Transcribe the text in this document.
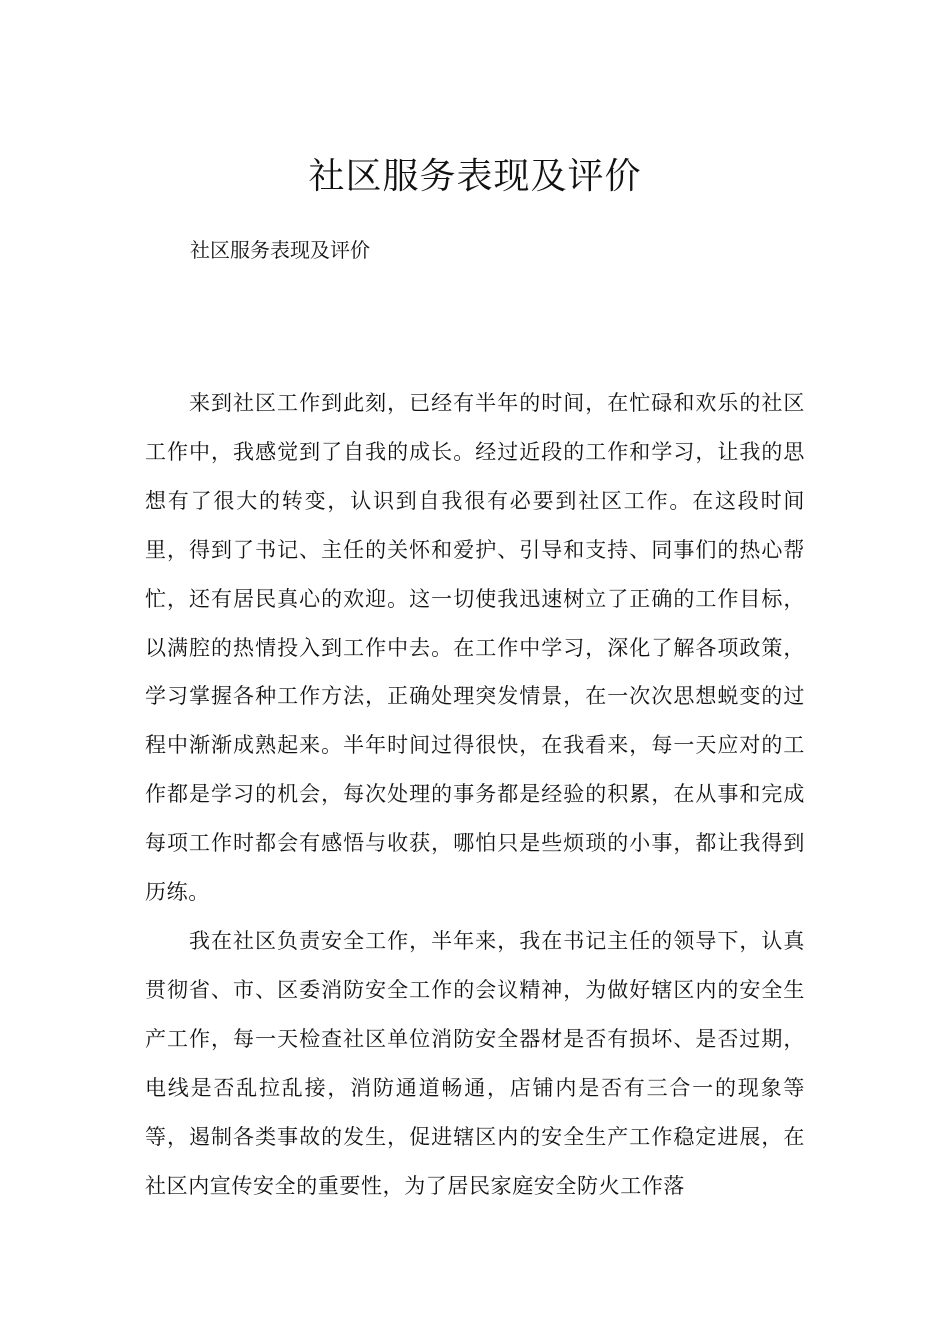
社区服务表现及评价
社区服务表现及评价

来到社区工作到此刻，已经有半年的时间，在忙碌和欢乐的社区工作中，我感觉到了自我的成长。经过近段的工作和学习，让我的思想有了很大的转变，认识到自我很有必要到社区工作。在这段时间里，得到了书记、主任的关怀和爱护、引导和支持、同事们的热心帮忙，还有居民真心的欢迎。这一切使我迅速树立了正确的工作目标，以满腔的热情投入到工作中去。在工作中学习，深化了解各项政策，学习掌握各种工作方法，正确处理突发情景，在一次次思想蜕变的过程中渐渐成熟起来。半年时间过得很快，在我看来，每一天应对的工作都是学习的机会，每次处理的事务都是经验的积累，在从事和完成每项工作时都会有感悟与收获，哪怕只是些烦琐的小事，都让我得到历练。

我在社区负责安全工作，半年来，我在书记主任的领导下，认真贯彻省、市、区委消防安全工作的会议精神，为做好辖区内的安全生产工作，每一天检查社区单位消防安全器材是否有损坏、是否过期，电线是否乱拉乱接，消防通道畅通，店铺内是否有三合一的现象等等，遏制各类事故的发生，促进辖区内的安全生产工作稳定进展，在社区内宣传安全的重要性，为了居民家庭安全防火工作落
